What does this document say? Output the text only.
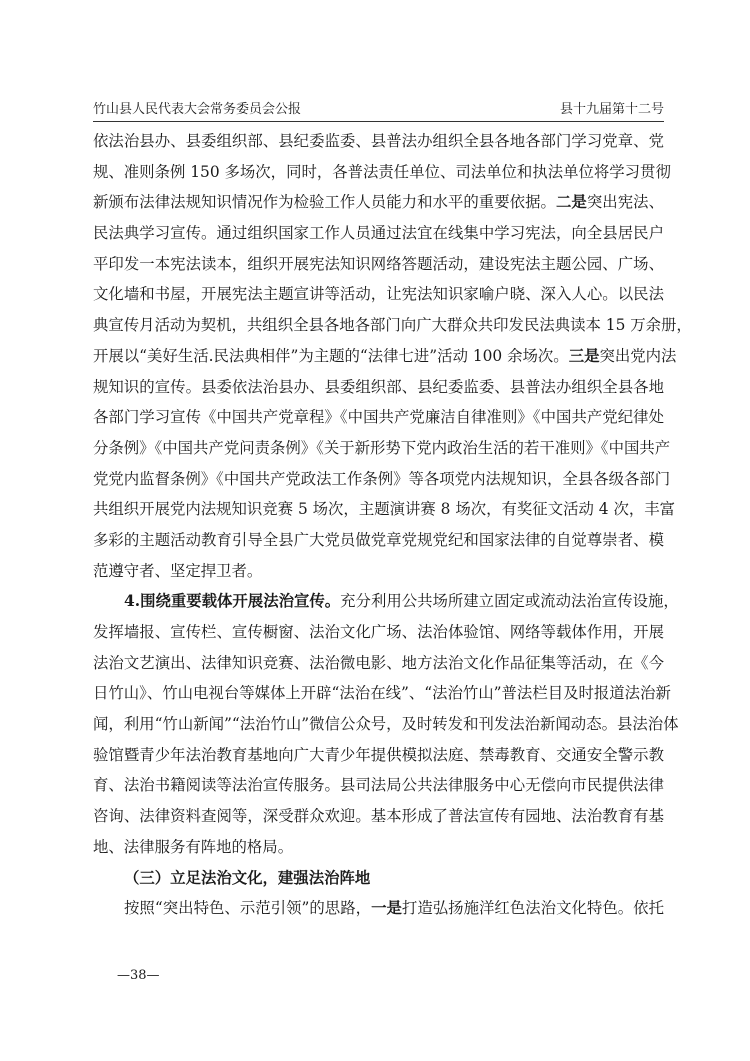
竹山县人民代表大会常务委员会公报	县十九届第十二号
依法治县办、县委组织部、县纪委监委、县普法办组织全县各地各部门学习党章、党
规、准则条例 150 多场次，同时，各普法责任单位、司法单位和执法单位将学习贯彻
新颁布法律法规知识情况作为检验工作人员能力和水平的重要依据。二是突出宪法、
民法典学习宣传。通过组织国家工作人员通过法宜在线集中学习宪法，向全县居民户
平印发一本宪法读本，组织开展宪法知识网络答题活动，建设宪法主题公园、广场、
文化墙和书屋，开展宪法主题宣讲等活动，让宪法知识家喻户晓、深入人心。以民法
典宣传月活动为契机，共组织全县各地各部门向广大群众共印发民法典读本 15 万余册，
开展以“美好生活.民法典相伴”为主题的“法律七进”活动 100 余场次。三是突出党内法
规知识的宣传。县委依法治县办、县委组织部、县纪委监委、县普法办组织全县各地
各部门学习宣传《中国共产党章程》《中国共产党廉洁自律准则》《中国共产党纪律处
分条例》《中国共产党问责条例》《关于新形势下党内政治生活的若干准则》《中国共产
党党内监督条例》《中国共产党政法工作条例》等各项党内法规知识，全县各级各部门
共组织开展党内法规知识竞赛 5 场次，主题演讲赛 8 场次，有奖征文活动 4 次，丰富
多彩的主题活动教育引导全县广大党员做党章党规党纪和国家法律的自觉尊崇者、模
范遵守者、坚定捍卫者。
4.围绕重要载体开展法治宣传。充分利用公共场所建立固定或流动法治宣传设施，
发挥墙报、宣传栏、宣传橱窗、法治文化广场、法治体验馆、网络等载体作用，开展
法治文艺演出、法律知识竞赛、法治微电影、地方法治文化作品征集等活动，在《今
日竹山》、竹山电视台等媒体上开辟“法治在线”、“法治竹山”普法栏目及时报道法治新
闻，利用“竹山新闻”“法治竹山”微信公众号，及时转发和刊发法治新闻动态。县法治体
验馆暨青少年法治教育基地向广大青少年提供模拟法庭、禁毒教育、交通安全警示教
育、法治书籍阅读等法治宣传服务。县司法局公共法律服务中心无偿向市民提供法律
咨询、法律资料查阅等，深受群众欢迎。基本形成了普法宣传有园地、法治教育有基
地、法律服务有阵地的格局。
（三）立足法治文化，建强法治阵地
按照“突出特色、示范引领”的思路，一是打造弘扬施洋红色法治文化特色。依托
—38—
